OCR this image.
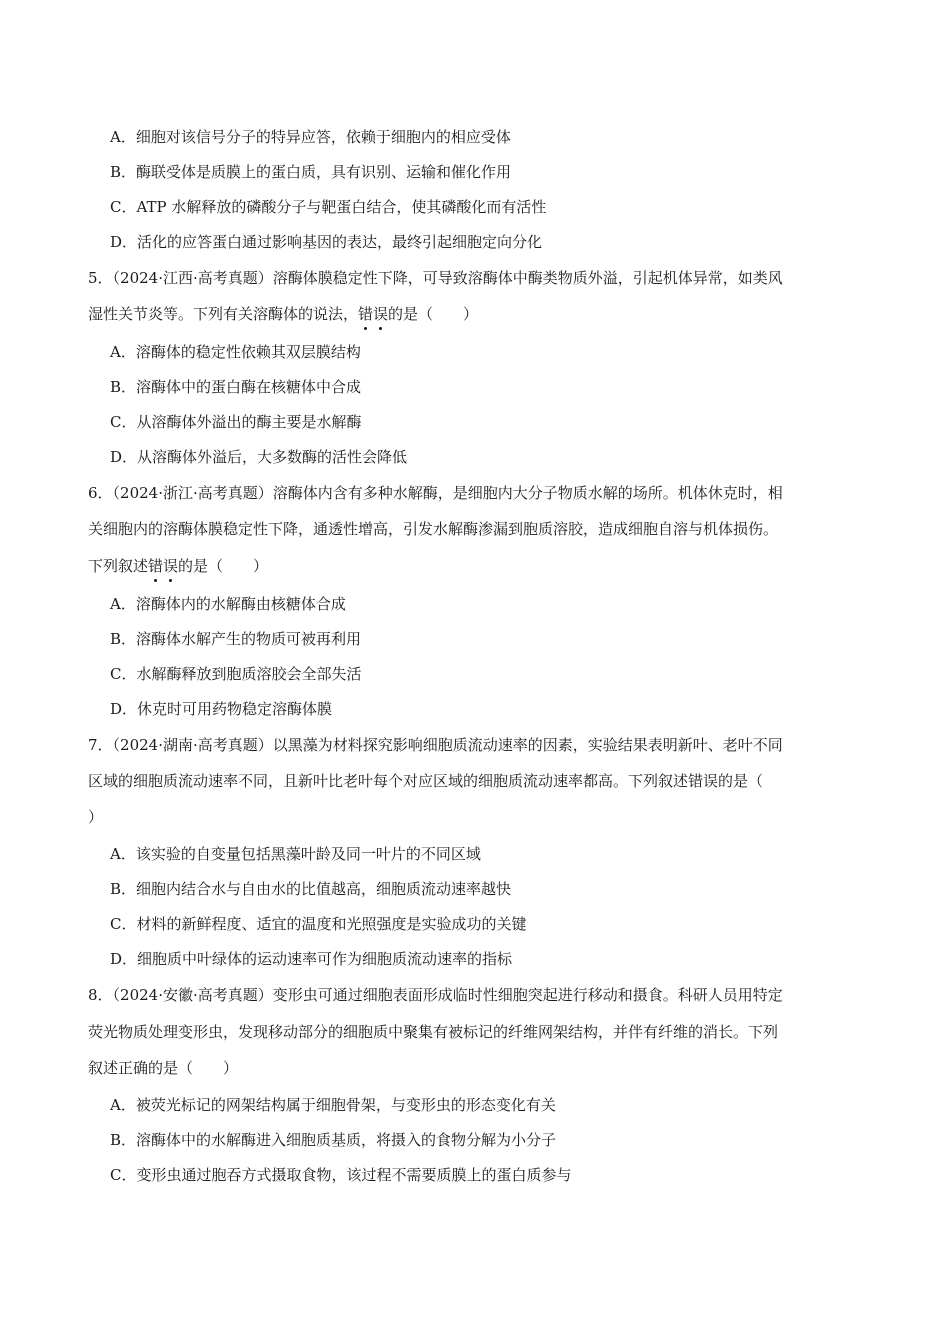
A．细胞对该信号分子的特异应答，依赖于细胞内的相应受体
B．酶联受体是质膜上的蛋白质，具有识别、运输和催化作用
C．ATP 水解释放的磷酸分子与靶蛋白结合，使其磷酸化而有活性
D．活化的应答蛋白通过影响基因的表达，最终引起细胞定向分化
5．（2024·江西·高考真题）溶酶体膜稳定性下降，可导致溶酶体中酶类物质外溢，引起机体异常，如类风
湿性关节炎等。下列有关溶酶体的说法，错误的是（　　）
A．溶酶体的稳定性依赖其双层膜结构
B．溶酶体中的蛋白酶在核糖体中合成
C．从溶酶体外溢出的酶主要是水解酶
D．从溶酶体外溢后，大多数酶的活性会降低
6．（2024·浙江·高考真题）溶酶体内含有多种水解酶，是细胞内大分子物质水解的场所。机体休克时，相
关细胞内的溶酶体膜稳定性下降，通透性增高，引发水解酶渗漏到胞质溶胶，造成细胞自溶与机体损伤。
下列叙述错误的是（　　）
A．溶酶体内的水解酶由核糖体合成
B．溶酶体水解产生的物质可被再利用
C．水解酶释放到胞质溶胶会全部失活
D．休克时可用药物稳定溶酶体膜
7．（2024·湖南·高考真题）以黑藻为材料探究影响细胞质流动速率的因素，实验结果表明新叶、老叶不同
区域的细胞质流动速率不同，且新叶比老叶每个对应区域的细胞质流动速率都高。下列叙述错误的是（
）
A．该实验的自变量包括黑藻叶龄及同一叶片的不同区域
B．细胞内结合水与自由水的比值越高，细胞质流动速率越快
C．材料的新鲜程度、适宜的温度和光照强度是实验成功的关键
D．细胞质中叶绿体的运动速率可作为细胞质流动速率的指标
8．（2024·安徽·高考真题）变形虫可通过细胞表面形成临时性细胞突起进行移动和摄食。科研人员用特定
荧光物质处理变形虫，发现移动部分的细胞质中聚集有被标记的纤维网架结构，并伴有纤维的消长。下列
叙述正确的是（　　）
A．被荧光标记的网架结构属于细胞骨架，与变形虫的形态变化有关
B．溶酶体中的水解酶进入细胞质基质，将摄入的食物分解为小分子
C．变形虫通过胞吞方式摄取食物，该过程不需要质膜上的蛋白质参与
